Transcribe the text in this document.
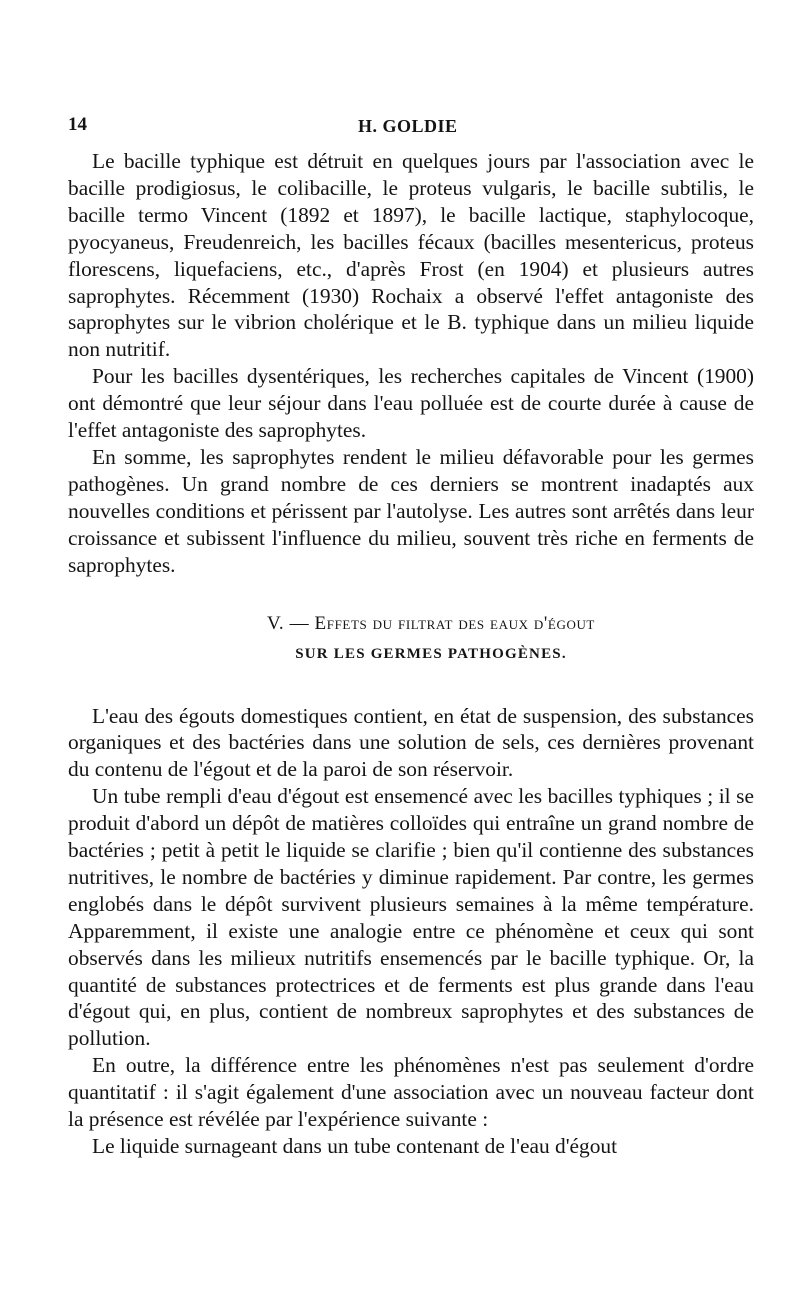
14	H. GOLDIE

Le bacille typhique est détruit en quelques jours par l'association avec le bacille prodigiosus, le colibacille, le proteus vulgaris, le bacille subtilis, le bacille termo Vincent (1892 et 1897), le bacille lactique, staphylocoque, pyocyaneus, Freudenreich, les bacilles fécaux (bacilles mesentericus, proteus florescens, liquefaciens, etc., d'après Frost (en 1904) et plusieurs autres saprophytes. Récemment (1930) Rochaix a observé l'effet antagoniste des saprophytes sur le vibrion cholérique et le B. typhique dans un milieu liquide non nutritif.

Pour les bacilles dysentériques, les recherches capitales de Vincent (1900) ont démontré que leur séjour dans l'eau polluée est de courte durée à cause de l'effet antagoniste des saprophytes.

En somme, les saprophytes rendent le milieu défavorable pour les germes pathogènes. Un grand nombre de ces derniers se montrent inadaptés aux nouvelles conditions et périssent par l'autolyse. Les autres sont arrêtés dans leur croissance et subissent l'influence du milieu, souvent très riche en ferments de saprophytes.

V. — Effets du filtrat des eaux d'égout
SUR LES GERMES PATHOGÈNES.

L'eau des égouts domestiques contient, en état de suspension, des substances organiques et des bactéries dans une solution de sels, ces dernières provenant du contenu de l'égout et de la paroi de son réservoir.

Un tube rempli d'eau d'égout est ensemencé avec les bacilles typhiques ; il se produit d'abord un dépôt de matières colloïdes qui entraîne un grand nombre de bactéries ; petit à petit le liquide se clarifie ; bien qu'il contienne des substances nutritives, le nombre de bactéries y diminue rapidement. Par contre, les germes englobés dans le dépôt survivent plusieurs semaines à la même température. Apparemment, il existe une analogie entre ce phénomène et ceux qui sont observés dans les milieux nutritifs ensemencés par le bacille typhique. Or, la quantité de substances protectrices et de ferments est plus grande dans l'eau d'égout qui, en plus, contient de nombreux saprophytes et des substances de pollution.

En outre, la différence entre les phénomènes n'est pas seulement d'ordre quantitatif : il s'agit également d'une association avec un nouveau facteur dont la présence est révélée par l'expérience suivante :

Le liquide surnageant dans un tube contenant de l'eau d'égout
